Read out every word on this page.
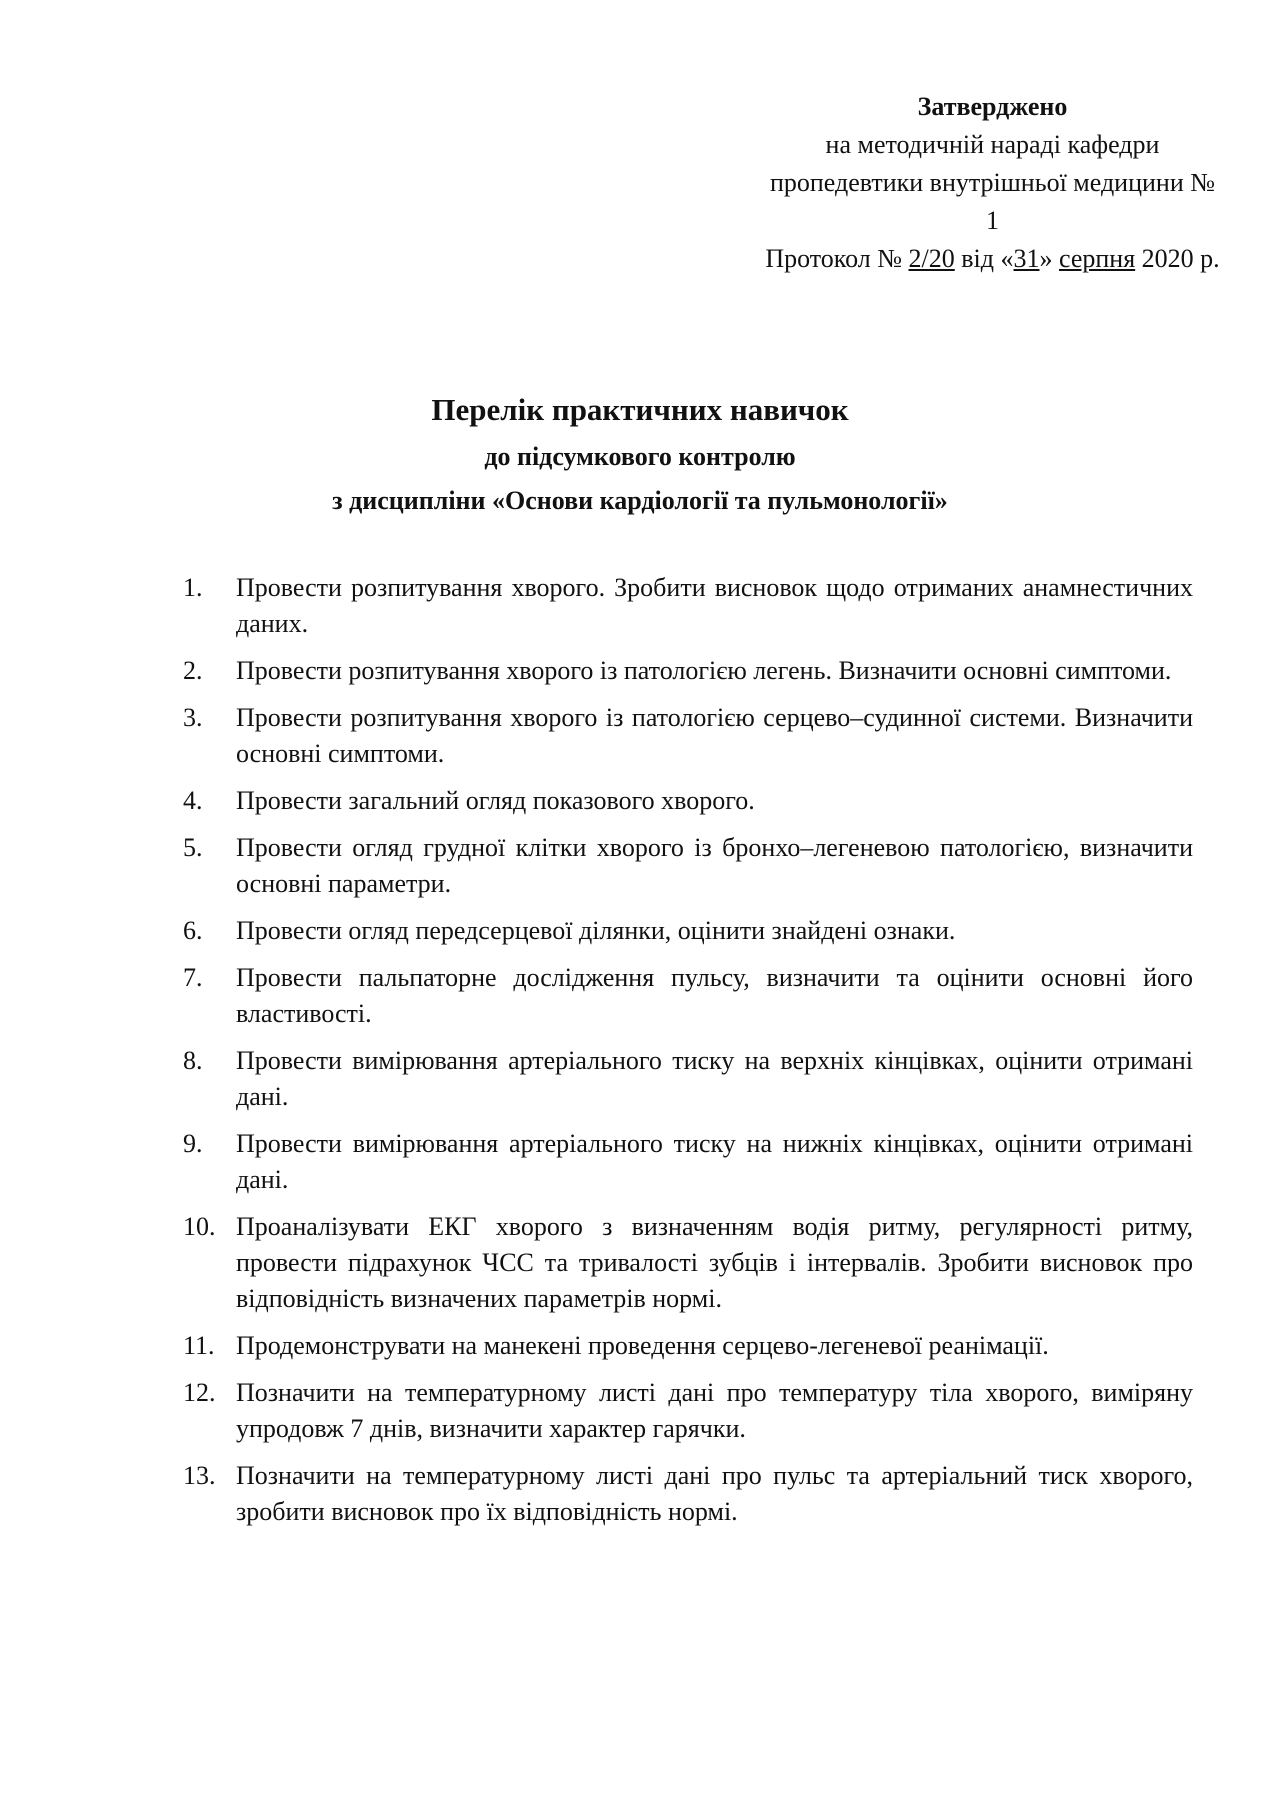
Затверджено
на методичній нараді кафедри
пропедевтики внутрішньої медицини №
1
Протокол № 2/20 від «31» серпня 2020 р.
Перелік практичних навичок
до підсумкового контролю
з дисципліни «Основи кардіології та пульмонології»
1. Провести розпитування хворого. Зробити висновок щодо отриманих анамнестичних даних.
2. Провести розпитування хворого із патологією легень. Визначити основні симптоми.
3. Провести розпитування хворого із патологією серцево–судинної системи. Визначити основні симптоми.
4. Провести загальний огляд показового хворого.
5. Провести огляд грудної клітки хворого із бронхо–легеневою патологією, визначити основні параметри.
6. Провести огляд передсерцевої ділянки, оцінити знайдені ознаки.
7. Провести пальпаторне дослідження пульсу, визначити та оцінити основні його властивості.
8. Провести вимірювання артеріального тиску на верхніх кінцівках, оцінити отримані дані.
9. Провести вимірювання артеріального тиску на нижніх кінцівках, оцінити отримані дані.
10. Проаналізувати ЕКГ хворого з визначенням водія ритму, регулярності ритму, провести підрахунок ЧСС та тривалості зубців і інтервалів. Зробити висновок про відповідність визначених параметрів нормі.
11. Продемонструвати на манекені проведення серцево-легеневої реанімації.
12. Позначити на температурному листі дані про температуру тіла хворого, виміряну упродовж 7 днів, визначити характер гарячки.
13. Позначити на температурному листі дані про пульс та артеріальний тиск хворого, зробити висновок про їх відповідність нормі.
